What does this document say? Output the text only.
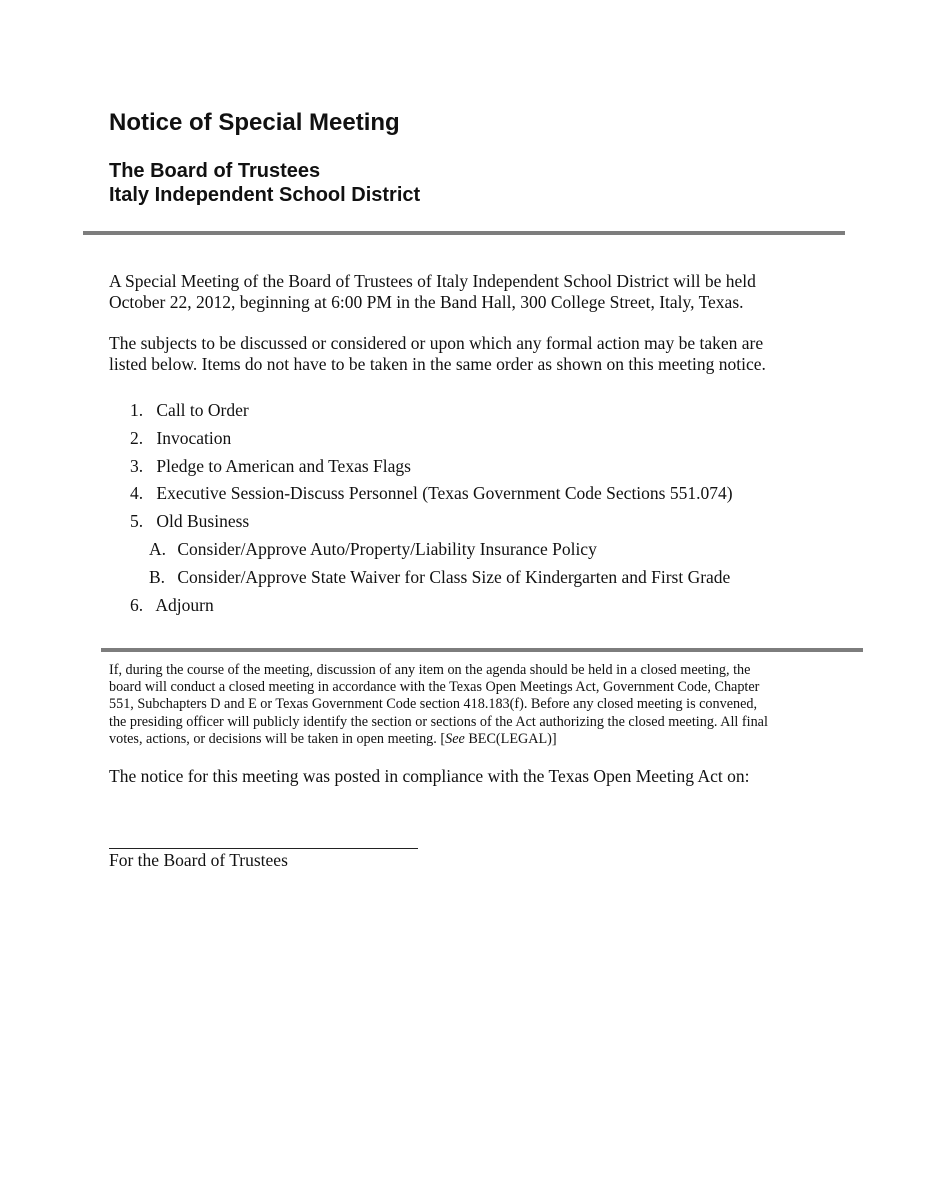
Notice of Special Meeting
The Board of Trustees
Italy Independent School District

A Special Meeting of the Board of Trustees of Italy Independent School District will be held
October 22, 2012, beginning at 6:00 PM in the Band Hall, 300 College Street, Italy, Texas.

The subjects to be discussed or considered or upon which any formal action may be taken are
listed below. Items do not have to be taken in the same order as shown on this meeting notice.

1. Call to Order
2. Invocation
3. Pledge to American and Texas Flags
4. Executive Session-Discuss Personnel (Texas Government Code Sections 551.074)
5. Old Business
A. Consider/Approve Auto/Property/Liability Insurance Policy
B. Consider/Approve State Waiver for Class Size of Kindergarten and First Grade
6. Adjourn

If, during the course of the meeting, discussion of any item on the agenda should be held in a closed meeting, the
board will conduct a closed meeting in accordance with the Texas Open Meetings Act, Government Code, Chapter
551, Subchapters D and E or Texas Government Code section 418.183(f). Before any closed meeting is convened,
the presiding officer will publicly identify the section or sections of the Act authorizing the closed meeting. All final
votes, actions, or decisions will be taken in open meeting. [See BEC(LEGAL)]

The notice for this meeting was posted in compliance with the Texas Open Meeting Act on:

For the Board of Trustees
